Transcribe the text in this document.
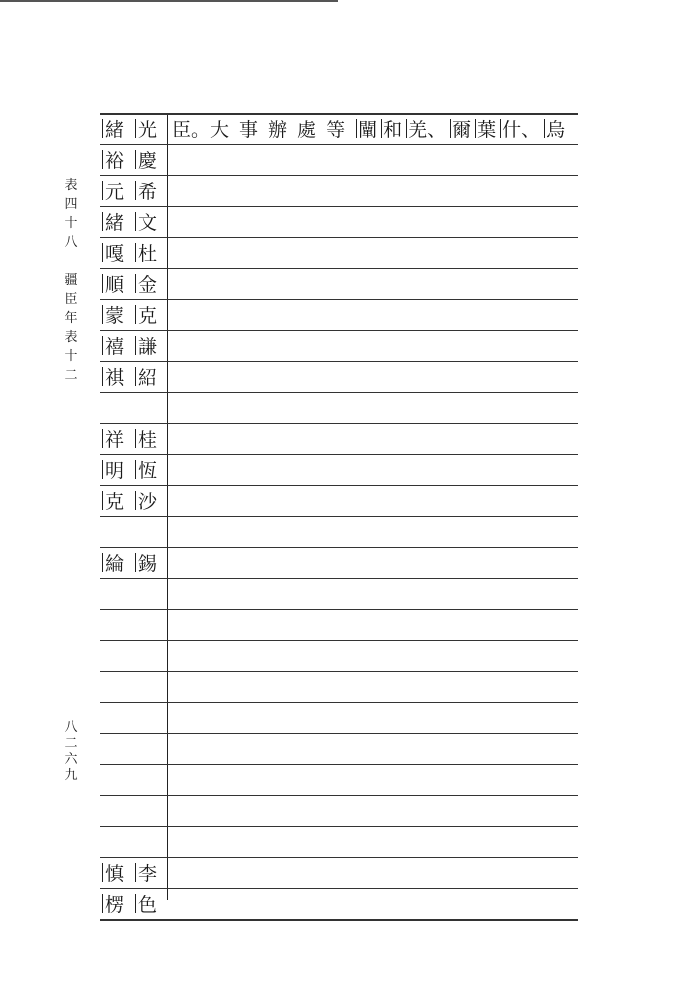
表
四
十
八

疆
臣
年
表
十
二
八
二
六
九
緒 光 臣。大 事 辦 處 等 闡 和 羌、 爾 葉 什、 烏
裕 慶
元 希
緒 文
嘎 杜
順 金
蒙 克
禧 謙
祺 紹
祥 桂
明 恆
克 沙
綸 錫
慎 李
楞 色
